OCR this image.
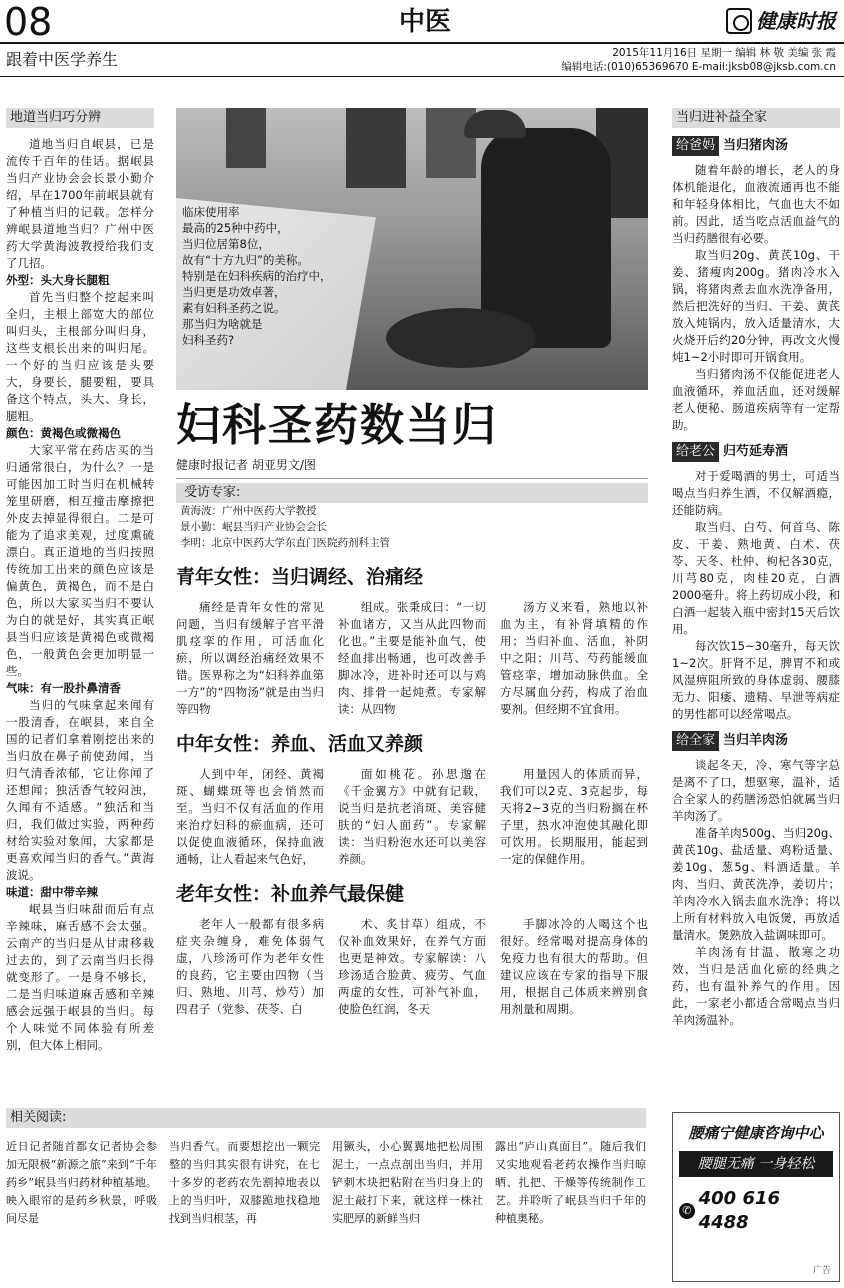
08	中医	健康时报
跟着中医学养生	2015年11月16日 星期一 编辑 林 敬 美编 张 霞
编辑电话:(010)65369670 E-mail:jksb08@jksb.com.cn
地道当归巧分辨

道地当归自岷县，已是流传千百年的佳话。据岷县当归产业协会会长景小勤介绍，早在1700年前岷县就有了种植当归的记载。怎样分辨岷县道地当归？广州中医药大学黄海波教授给我们支了几招。

外型：头大身长腿粗

首先当归整个挖起来叫全归，主根上部宽大的部位叫归头，主根部分叫归身，这些支根长出来的叫归尾。一个好的当归应该是头要大，身要长，腿要粗，要具备这个特点，头大、身长，腿粗。

颜色：黄褐色或微褐色

大家平常在药店买的当归通常很白，为什么？一是可能因加工时当归在机械转笼里研磨，相互撞击摩擦把外皮去掉显得很白。二是可能为了追求美观，过度熏硫漂白。真正道地的当归按照传统加工出来的颜色应该是偏黄色，黄褐色，而不是白色，所以大家买当归不要认为白的就是好，其实真正岷县当归应该是黄褐色或微褐色，一般黄色会更加明显一些。

气味：有一股扑鼻清香

当归的气味拿起来闻有一股清香，在岷县，来自全国的记者们拿着刚挖出来的当归放在鼻子前使劲闻，当归气清香浓郁，它让你闻了还想闻；独活香气较闷浊，久闻有不适感。“独活和当归，我们做过实验，两种药材给实验对象闻，大家都是更喜欢闻当归的香气。”黄海波说。

味道：甜中带辛辣

岷县当归味甜而后有点辛辣味，麻舌感不会太强。云南产的当归是从甘肃移栽过去的，到了云南当归长得就变形了。一是身不够长，二是当归味道麻舌感和辛辣感会远强于岷县的当归。每个人味觉不同体验有所差别，但大体上相同。

临床使用率
最高的25种中药中，
当归位居第8位，
故有“十方九归”的美称。
特别是在妇科疾病的治疗中，
当归更是功效卓著，
素有妇科圣药之说。
那当归为啥就是
妇科圣药?
妇科圣药数当归
健康时报记者 胡亚男文/图
受访专家:
黄海波：广州中医药大学教授
景小勤：岷县当归产业协会会长
李明：北京中医药大学东直门医院药剂科主管
青年女性：当归调经、治痛经
痛经是青年女性的常见问题，当归有缓解子宫平滑肌痉挛的作用，可活血化瘀，所以调经治痛经效果不错。医界称之为“妇科养血第一方”的“四物汤”就是由当归等四物
组成。张秉成曰：“一切补血诸方，又当从此四物而化也。”主要是能补血气，使经血排出畅通，也可改善手脚冰冷，进补时还可以与鸡肉、排骨一起炖煮。专家解读：从四物
汤方义来看，熟地以补血为主，有补肾填精的作用；当归补血、活血，补阴中之阳；川芎、芍药能缓血管痉挛，增加动脉供血。全方尽属血分药，构成了治血要剂。但经期不宜食用。
中年女性：养血、活血又养颜
人到中年，闭经、黄褐斑、蝴蝶斑等也会悄然而至。当归不仅有活血的作用来治疗妇科的瘀血病，还可以促使血液循环，保持血液通畅，让人看起来气色好，
面如桃花。孙思邈在《千金翼方》中就有记载，说当归是抗老消斑、美容健肤的“妇人面药”。专家解读：当归粉泡水还可以美容养颜。
用量因人的体质而异，我们可以2克、3克起步，每天将2~3克的当归粉搁在杯子里，热水冲泡使其融化即可饮用。长期服用，能起到一定的保健作用。
老年女性：补血养气最保健
老年人一般都有很多病症夹杂缠身，难免体弱气虚，八珍汤可作为老年女性的良药，它主要由四物（当归、熟地、川芎、炒芍）加四君子（党参、茯苓、白
术、炙甘草）组成，不仅补血效果好，在养气方面也更是神效。专家解读：八珍汤适合脸黄、疲劳、气血两虚的女性，可补气补血，使脸色红润，冬天
手脚冰冷的人喝这个也很好。经常喝对提高身体的免疫力也有很大的帮助。但建议应该在专家的指导下服用，根据自己体质来辨别食用剂量和周期。
当归进补益全家
给爸妈 当归猪肉汤

随着年龄的增长，老人的身体机能退化，血液流通再也不能和年轻身体相比，气血也大不如前。因此，适当吃点活血益气的当归药膳很有必要。

取当归20g、黄芪10g、干姜、猪瘦肉200g。猪肉冷水入锅，将猪肉煮去血水洗净备用，然后把洗好的当归、干姜、黄芪放入炖锅内，放入适量清水，大火烧开后约20分钟，再改文火慢炖1~2小时即可开锅食用。

当归猪肉汤不仅能促进老人血液循环，养血活血，还对缓解老人便秘、肠道疾病等有一定帮助。

给老公 归芍延寿酒

对于爱喝酒的男士，可适当喝点当归养生酒，不仅解酒瘾，还能防病。

取当归、白芍、何首乌、陈皮、干姜、熟地黄、白术、茯苓、天冬、杜仲、枸杞各30克，川芎80克，肉桂20克，白酒2000毫升。将上药切成小段，和白酒一起装入瓶中密封15天后饮用。

每次饮15~30毫升，每天饮1~2次。肝肾不足，脾胃不和或风湿痹阻所致的身体虚弱、腰膝无力、阳痿、遗精、早泄等病症的男性都可以经常喝点。

给全家 当归羊肉汤

谈起冬天，冷、寒气等字总是离不了口，想驱寒，温补，适合全家人的药膳汤恐怕就属当归羊肉汤了。

准备羊肉500g、当归20g、黄芪10g、盐适量、鸡粉适量、姜10g、葱5g、料酒适量。羊肉、当归、黄芪洗净，姜切片；羊肉冷水入锅去血水洗净；将以上所有材料放入电饭煲，再放适量清水。煲熟放入盐调味即可。

羊肉汤有甘温、散寒之功效，当归是活血化瘀的经典之药，也有温补养气的作用。因此，一家老小都适合常喝点当归羊肉汤温补。

相关阅读:
近日记者随首都女记者协会参加无限极“新源之旅”来到“千年药乡”岷县当归药材种植基地。映入眼帘的是药乡秋景，呼吸间尽是
当归香气。而要想挖出一颗完整的当归其实很有讲究，在七十多岁的老药农先割掉地表以上的当归叶，双膝跪地找稳地找到当归根茎，再
用镢头，小心翼翼地把松周围泥土，一点点剖出当归，并用铲刺木块把粘附在当归身上的泥土敲打下来，就这样一株社实肥厚的新鲜当归
露出“庐山真面目”。随后我们又实地观看老药农操作当归晾晒、扎把、干燥等传统制作工艺。并聆听了岷县当归千年的种植奥秘。
腰痛宁健康咨询中心
腰腿无痛 一身轻松
✆
400 616 4488
广告
